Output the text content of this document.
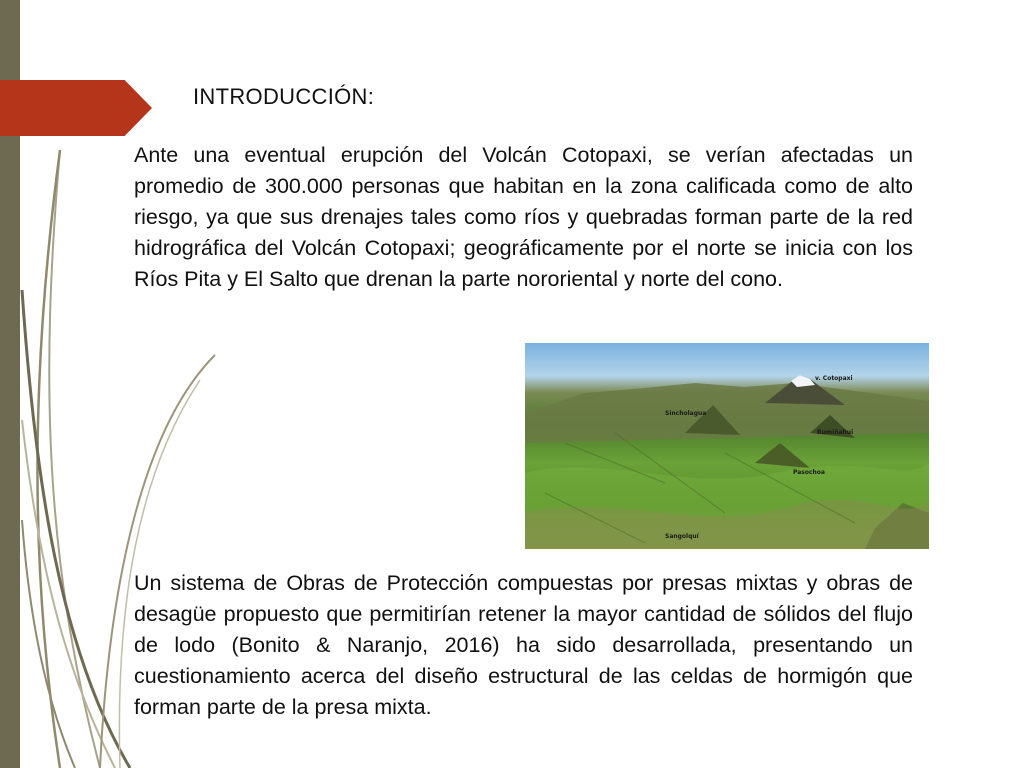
INTRODUCCIÓN:

Ante una eventual erupción del Volcán Cotopaxi, se verían afectadas un promedio de 300.000 personas que habitan en la zona calificada como de alto riesgo, ya que sus drenajes tales como ríos y quebradas forman parte de la red hidrográfica del Volcán Cotopaxi; geográficamente por el norte se inicia con los Ríos Pita y El Salto que drenan la parte nororiental y norte del cono.

v. Cotopaxi
Sincholagua
Rumiñahui
Pasochoa
Sangolquí

Un sistema de Obras de Protección compuestas por presas mixtas y obras de desagüe propuesto que permitirían retener la mayor cantidad de sólidos del flujo de lodo (Bonito & Naranjo, 2016) ha sido desarrollada, presentando un cuestionamiento acerca del diseño estructural de las celdas de hormigón que forman parte de la presa mixta.
